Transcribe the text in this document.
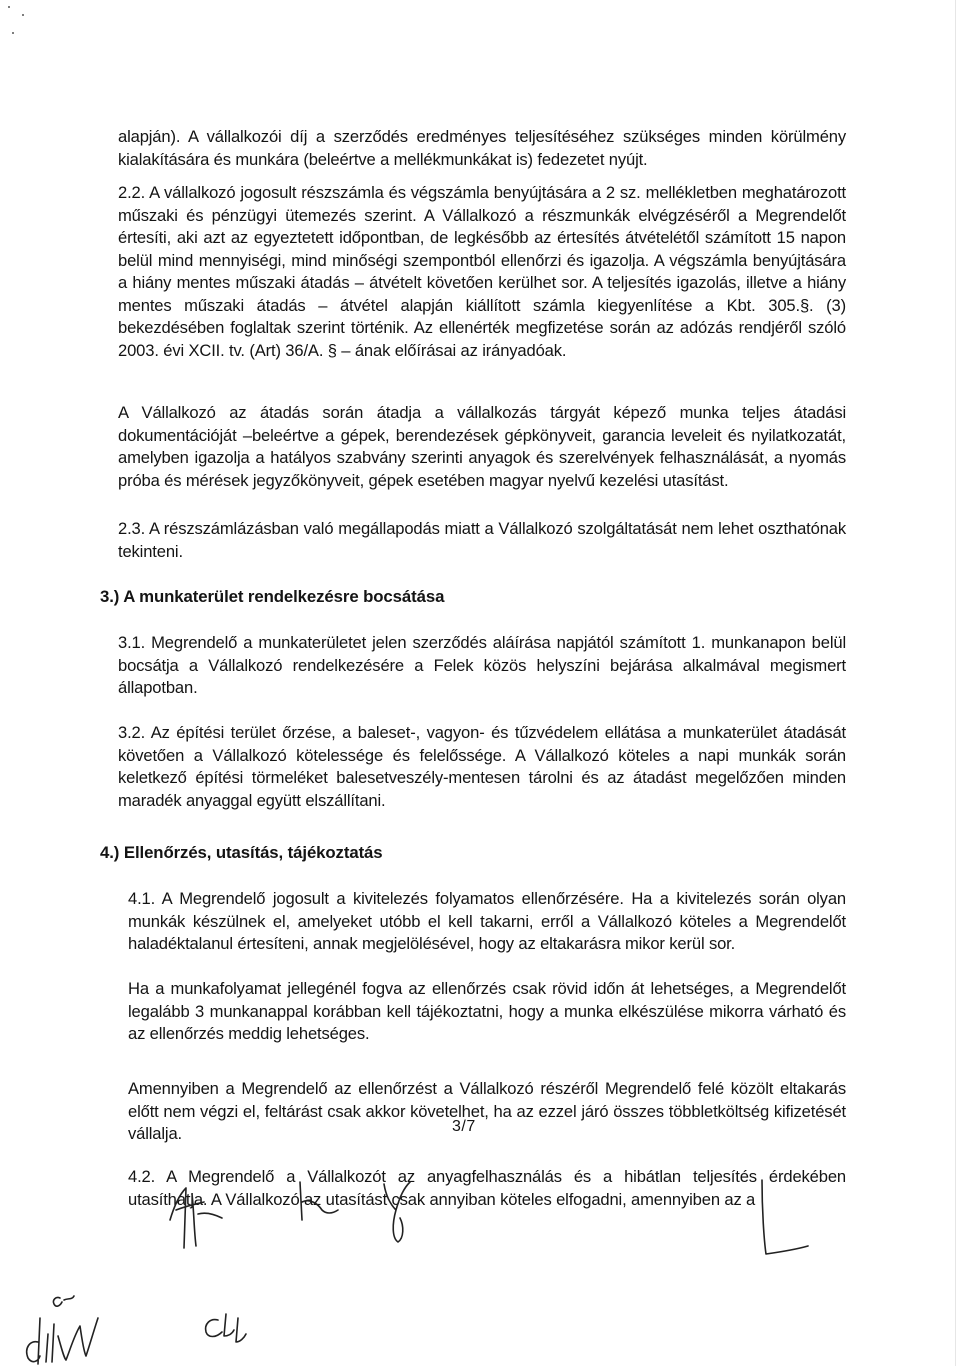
alapján). A vállalkozói díj a szerződés eredményes teljesítéséhez szükséges minden körülmény kialakítására és munkára (beleértve a mellékmunkákat is) fedezetet nyújt.

2.2. A vállalkozó jogosult részszámla és végszámla benyújtására a 2 sz. mellékletben meghatározott műszaki és pénzügyi ütemezés szerint. A Vállalkozó a részmunkák elvégzéséről a Megrendelőt értesíti, aki azt az egyeztetett időpontban, de legkésőbb az értesítés átvételétől számított 15 napon belül mind mennyiségi, mind minőségi szempontból ellenőrzi és igazolja. A végszámla benyújtására a hiány mentes műszaki átadás – átvételt követően kerülhet sor. A teljesítés igazolás, illetve a hiány mentes műszaki átadás – átvétel alapján kiállított számla kiegyenlítése a Kbt. 305.§. (3) bekezdésében foglaltak szerint történik. Az ellenérték megfizetése során az adózás rendjéről szóló 2003. évi XCII. tv. (Art) 36/A. § – ának előírásai az irányadóak.

A Vállalkozó az átadás során átadja a vállalkozás tárgyát képező munka teljes átadási dokumentációját –beleértve a gépek, berendezések gépkönyveit, garancia leveleit és nyilatkozatát, amelyben igazolja a hatályos szabvány szerinti anyagok és szerelvények felhasználását, a nyomás próba és mérések jegyzőkönyveit, gépek esetében magyar nyelvű kezelési utasítást.

2.3. A részszámlázásban való megállapodás miatt a Vállalkozó szolgáltatását nem lehet oszthatónak tekinteni.

3.) A munkaterület rendelkezésre bocsátása

3.1. Megrendelő a munkaterületet jelen szerződés aláírása napjától számított 1. munkanapon belül bocsátja a Vállalkozó rendelkezésére a Felek közös helyszíni bejárása alkalmával megismert állapotban.

3.2. Az építési terület őrzése, a baleset-, vagyon- és tűzvédelem ellátása a munkaterület átadását követően a Vállalkozó kötelessége és felelőssége. A Vállalkozó köteles a napi munkák során keletkező építési törmeléket balesetveszély-mentesen tárolni és az átadást megelőzően minden maradék anyaggal együtt elszállítani.

4.) Ellenőrzés, utasítás, tájékoztatás

4.1. A Megrendelő jogosult a kivitelezés folyamatos ellenőrzésére. Ha a kivitelezés során olyan munkák készülnek el, amelyeket utóbb el kell takarni, erről a Vállalkozó köteles a Megrendelőt haladéktalanul értesíteni, annak megjelölésével, hogy az eltakarásra mikor kerül sor.

Ha a munkafolyamat jellegénél fogva az ellenőrzés csak rövid időn át lehetséges, a Megrendelőt legalább 3 munkanappal korábban kell tájékoztatni, hogy a munka elkészülése mikorra várható és az ellenőrzés meddig lehetséges.

Amennyiben a Megrendelő az ellenőrzést a Vállalkozó részéről Megrendelő felé közölt eltakarás előtt nem végzi el, feltárást csak akkor követelhet, ha az ezzel járó összes többletköltség kifizetését vállalja.

4.2. A Megrendelő a Vállalkozót az anyagfelhasználás és a hibátlan teljesítés érdekében utasíthatja. A Vállalkozó az utasítást csak annyiban köteles elfogadni, amennyiben az a

3/7
